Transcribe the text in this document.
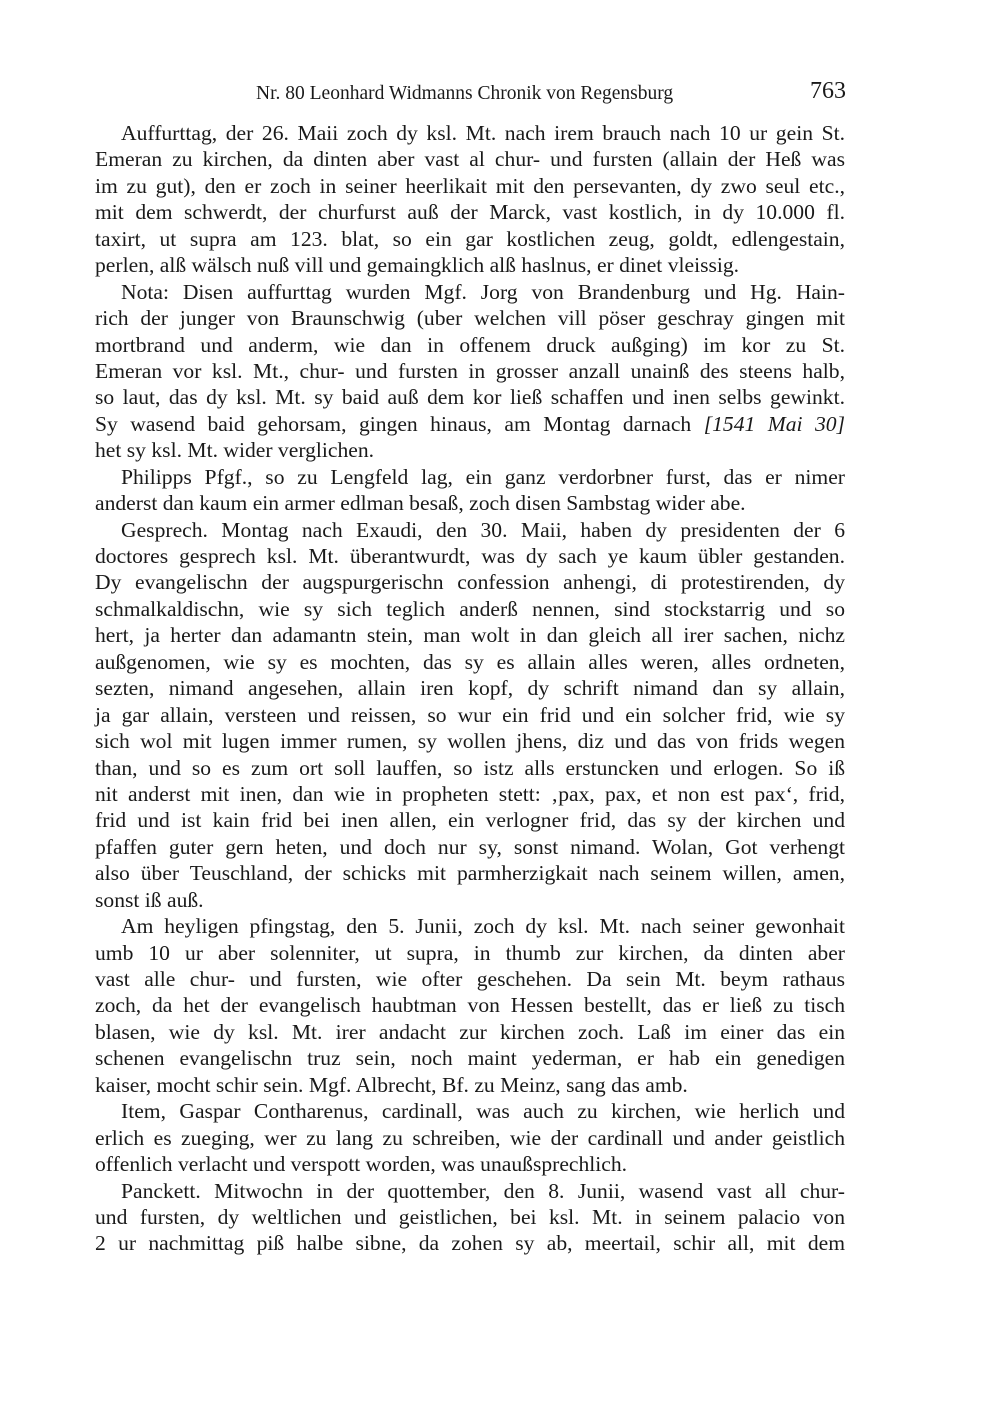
Nr. 80 Leonhard Widmanns Chronik von Regensburg	763
Auffurttag, der 26. Maii zoch dy ksl. Mt. nach irem brauch nach 10 ur gein St.
Emeran zu kirchen, da dinten aber vast al chur- und fursten (allain der Heß was
im zu gut), den er zoch in seiner heerlikait mit den persevanten, dy zwo seul etc.,
mit dem schwerdt, der churfurst auß der Marck, vast kostlich, in dy 10.000 fl.
taxirt, ut supra am 123. blat, so ein gar kostlichen zeug, goldt, edlengestain,
perlen, alß wälsch nuß vill und gemaingklich alß haslnus, er dinet vleissig.
Nota: Disen auffurttag wurden Mgf. Jorg von Brandenburg und Hg. Hain-
rich der junger von Braunschwig (uber welchen vill pöser geschray gingen mit
mortbrand und anderm, wie dan in offenem druck außging) im kor zu St.
Emeran vor ksl. Mt., chur- und fursten in grosser anzall unainß des steens halb,
so laut, das dy ksl. Mt. sy baid auß dem kor ließ schaffen und inen selbs gewinkt.
Sy wasend baid gehorsam, gingen hinaus, am Montag darnach [1541 Mai 30]
het sy ksl. Mt. wider verglichen.
Philipps Pfgf., so zu Lengfeld lag, ein ganz verdorbner furst, das er nimer
anderst dan kaum ein armer edlman besaß, zoch disen Sambstag wider abe.
Gesprech. Montag nach Exaudi, den 30. Maii, haben dy presidenten der 6
doctores gesprech ksl. Mt. überantwurdt, was dy sach ye kaum übler gestanden.
Dy evangelischn der augspurgerischn confession anhengi, di protestirenden, dy
schmalkaldischn, wie sy sich teglich anderß nennen, sind stockstarrig und so
hert, ja herter dan adamantn stein, man wolt in dan gleich all irer sachen, nichz
außgenomen, wie sy es mochten, das sy es allain alles weren, alles ordneten,
sezten, nimand angesehen, allain iren kopf, dy schrift nimand dan sy allain,
ja gar allain, versteen und reissen, so wur ein frid und ein solcher frid, wie sy
sich wol mit lugen immer rumen, sy wollen jhens, diz und das von frids wegen
than, und so es zum ort soll lauffen, so istz alls erstuncken und erlogen. So iß
nit anderst mit inen, dan wie in propheten stett: ‚pax, pax, et non est pax‘, frid,
frid und ist kain frid bei inen allen, ein verlogner frid, das sy der kirchen und
pfaffen guter gern heten, und doch nur sy, sonst nimand. Wolan, Got verhengt
also über Teuschland, der schicks mit parmherzigkait nach seinem willen, amen,
sonst iß auß.
Am heyligen pfingstag, den 5. Junii, zoch dy ksl. Mt. nach seiner gewonhait
umb 10 ur aber solenniter, ut supra, in thumb zur kirchen, da dinten aber
vast alle chur- und fursten, wie ofter geschehen. Da sein Mt. beym rathaus
zoch, da het der evangelisch haubtman von Hessen bestellt, das er ließ zu tisch
blasen, wie dy ksl. Mt. irer andacht zur kirchen zoch. Laß im einer das ein
schenen evangelischn truz sein, noch maint yederman, er hab ein genedigen
kaiser, mocht schir sein. Mgf. Albrecht, Bf. zu Meinz, sang das amb.
Item, Gaspar Contharenus, cardinall, was auch zu kirchen, wie herlich und
erlich es zueging, wer zu lang zu schreiben, wie der cardinall und ander geistlich
offenlich verlacht und verspott worden, was unaußsprechlich.
Panckett. Mitwochn in der quottember, den 8. Junii, wasend vast all chur-
und fursten, dy weltlichen und geistlichen, bei ksl. Mt. in seinem palacio von
2 ur nachmittag piß halbe sibne, da zohen sy ab, meertail, schir all, mit dem
